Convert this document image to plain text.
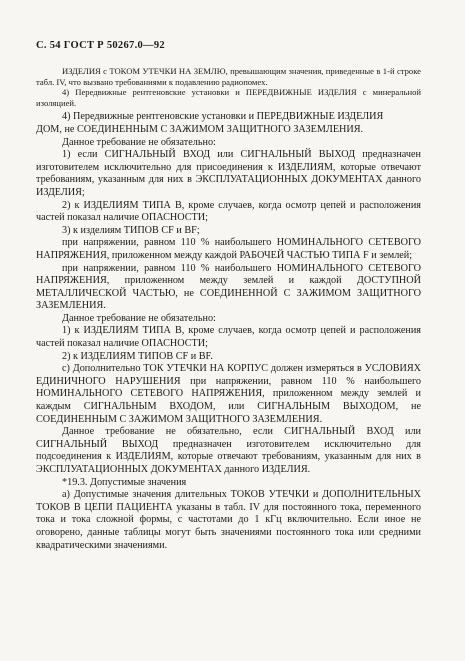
С. 54 ГОСТ Р 50267.0—92

ИЗДЕЛИЯ с ТОКОМ УТЕЧКИ НА ЗЕМЛЮ, превышающим значения, приведенные в 1-й строке табл. IV, что вызвано требованиями к подавлению радиопомех.

4) Передвижные рентгеновские установки и ПЕРЕДВИЖНЫЕ ИЗДЕЛИЯ с минеральной изоляцией.

4) Передвижные рентгеновские установки и ПЕРЕДВИЖНЫЕ ИЗДЕЛИЯ

ДОМ, не СОЕДИНЕННЫМ С ЗАЖИМОМ ЗАЩИТНОГО ЗАЗЕМЛЕНИЯ.

Данное требование не обязательно:

1) если СИГНАЛЬНЫЙ ВХОД или СИГНАЛЬНЫЙ ВЫХОД предназначен изготовителем исключительно для присоединения к ИЗДЕЛИЯМ, которые отвечают требованиям, указанным для них в ЭКСПЛУАТАЦИОННЫХ ДОКУМЕНТАХ данного ИЗДЕЛИЯ;

2) к ИЗДЕЛИЯМ ТИПА В, кроме случаев, когда осмотр цепей и расположения частей показал наличие ОПАСНОСТИ;

3) к изделиям ТИПОВ CF и BF;

при напряжении, равном 110 % наибольшего НОМИНАЛЬНОГО СЕТЕВОГО НАПРЯЖЕНИЯ, приложенном между каждой РАБОЧЕЙ ЧАСТЬЮ ТИПА F и землей;

при напряжении, равном 110 % наибольшего НОМИНАЛЬНОГО СЕТЕВОГО НАПРЯЖЕНИЯ, приложенном между землей и каждой ДОСТУПНОЙ МЕТАЛЛИЧЕСКОЙ ЧАСТЬЮ, не СОЕДИНЕННОЙ С ЗАЖИМОМ ЗАЩИТНОГО ЗАЗЕМЛЕНИЯ.

Данное требование не обязательно:

1) к ИЗДЕЛИЯМ ТИПА В, кроме случаев, когда осмотр цепей и расположения частей показал наличие ОПАСНОСТИ;

2) к ИЗДЕЛИЯМ ТИПОВ CF и BF.

с) Дополнительно ТОК УТЕЧКИ НА КОРПУС должен измеряться в УСЛОВИЯХ ЕДИНИЧНОГО НАРУШЕНИЯ при напряжении, равном 110 % наибольшего НОМИНАЛЬНОГО СЕТЕВОГО НАПРЯЖЕНИЯ, приложенном между землей и каждым СИГНАЛЬНЫМ ВХОДОМ, или СИГНАЛЬНЫМ ВЫХОДОМ, не СОЕДИНЕННЫМ С ЗАЖИМОМ ЗАЩИТНОГО ЗАЗЕМЛЕНИЯ.

Данное требование не обязательно, если СИГНАЛЬНЫЙ ВХОД или СИГНАЛЬНЫЙ ВЫХОД предназначен изготовителем исключительно для подсоединения к ИЗДЕЛИЯМ, которые отвечают требованиям, указанным для них в ЭКСПЛУАТАЦИОННЫХ ДОКУМЕНТАХ данного ИЗДЕЛИЯ.

*19.3. Допустимые значения

а) Допустимые значения длительных ТОКОВ УТЕЧКИ и ДОПОЛНИТЕЛЬНЫХ ТОКОВ В ЦЕПИ ПАЦИЕНТА указаны в табл. IV для постоянного тока, переменного тока и тока сложной формы, с частотами до 1 кГц включительно. Если иное не оговорено, данные таблицы могут быть значениями постоянного тока или средними квадратическими значениями.
